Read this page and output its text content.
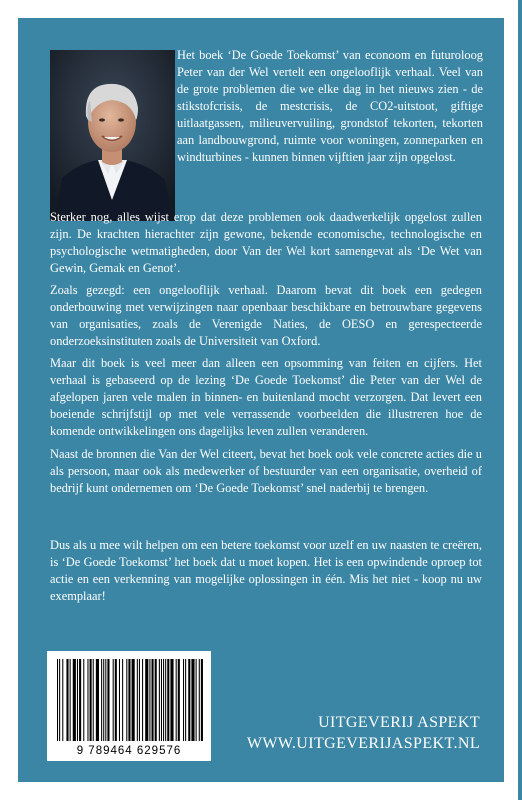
Het boek ‘De Goede Toekomst’ van econoom en futuroloog Peter van der Wel vertelt een ongelooflijk verhaal. Veel van de grote problemen die we elke dag in het nieuws zien - de stikstofcrisis, de mestcrisis, de CO2-uitstoot, giftige uitlaatgassen, milieuvervuiling, grondstof tekorten, tekorten aan landbouwgrond, ruimte voor woningen, zonneparken en windturbines - kunnen binnen vijftien jaar zijn opgelost.

Sterker nog, alles wijst erop dat deze problemen ook daadwerkelijk opgelost zullen zijn. De krachten hierachter zijn gewone, bekende economische, technologische en psychologische wetmatigheden, door Van der Wel kort samengevat als ‘De Wet van Gewin, Gemak en Genot’.

Zoals gezegd: een ongelooflijk verhaal. Daarom bevat dit boek een gedegen onderbouwing met verwijzingen naar openbaar beschikbare en betrouwbare gegevens van organisaties, zoals de Verenigde Naties, de OESO en gerespecteerde onderzoeksinstituten zoals de Universiteit van Oxford.

Maar dit boek is veel meer dan alleen een opsomming van feiten en cijfers. Het verhaal is gebaseerd op de lezing ‘De Goede Toekomst’ die Peter van der Wel de afgelopen jaren vele malen in binnen- en buitenland mocht verzorgen. Dat levert een boeiende schrijfstijl op met vele verrassende voorbeelden die illustreren hoe de komende ontwikkelingen ons dagelijks leven zullen veranderen.

Naast de bronnen die Van der Wel citeert, bevat het boek ook vele concrete acties die u als persoon, maar ook als medewerker of bestuurder van een organisatie, overheid of bedrijf kunt ondernemen om ‘De Goede Toekomst’ snel naderbij te brengen.

Dus als u mee wilt helpen om een betere toekomst voor uzelf en uw naasten te creëren, is ‘De Goede Toekomst’ het boek dat u moet kopen. Het is een opwindende oproep tot actie en een verkenning van mogelijke oplossingen in één. Mis het niet - koop nu uw exemplaar!

9 789464 629576
UITGEVERIJ ASPEKT
WWW.UITGEVERIJASPEKT.NL
